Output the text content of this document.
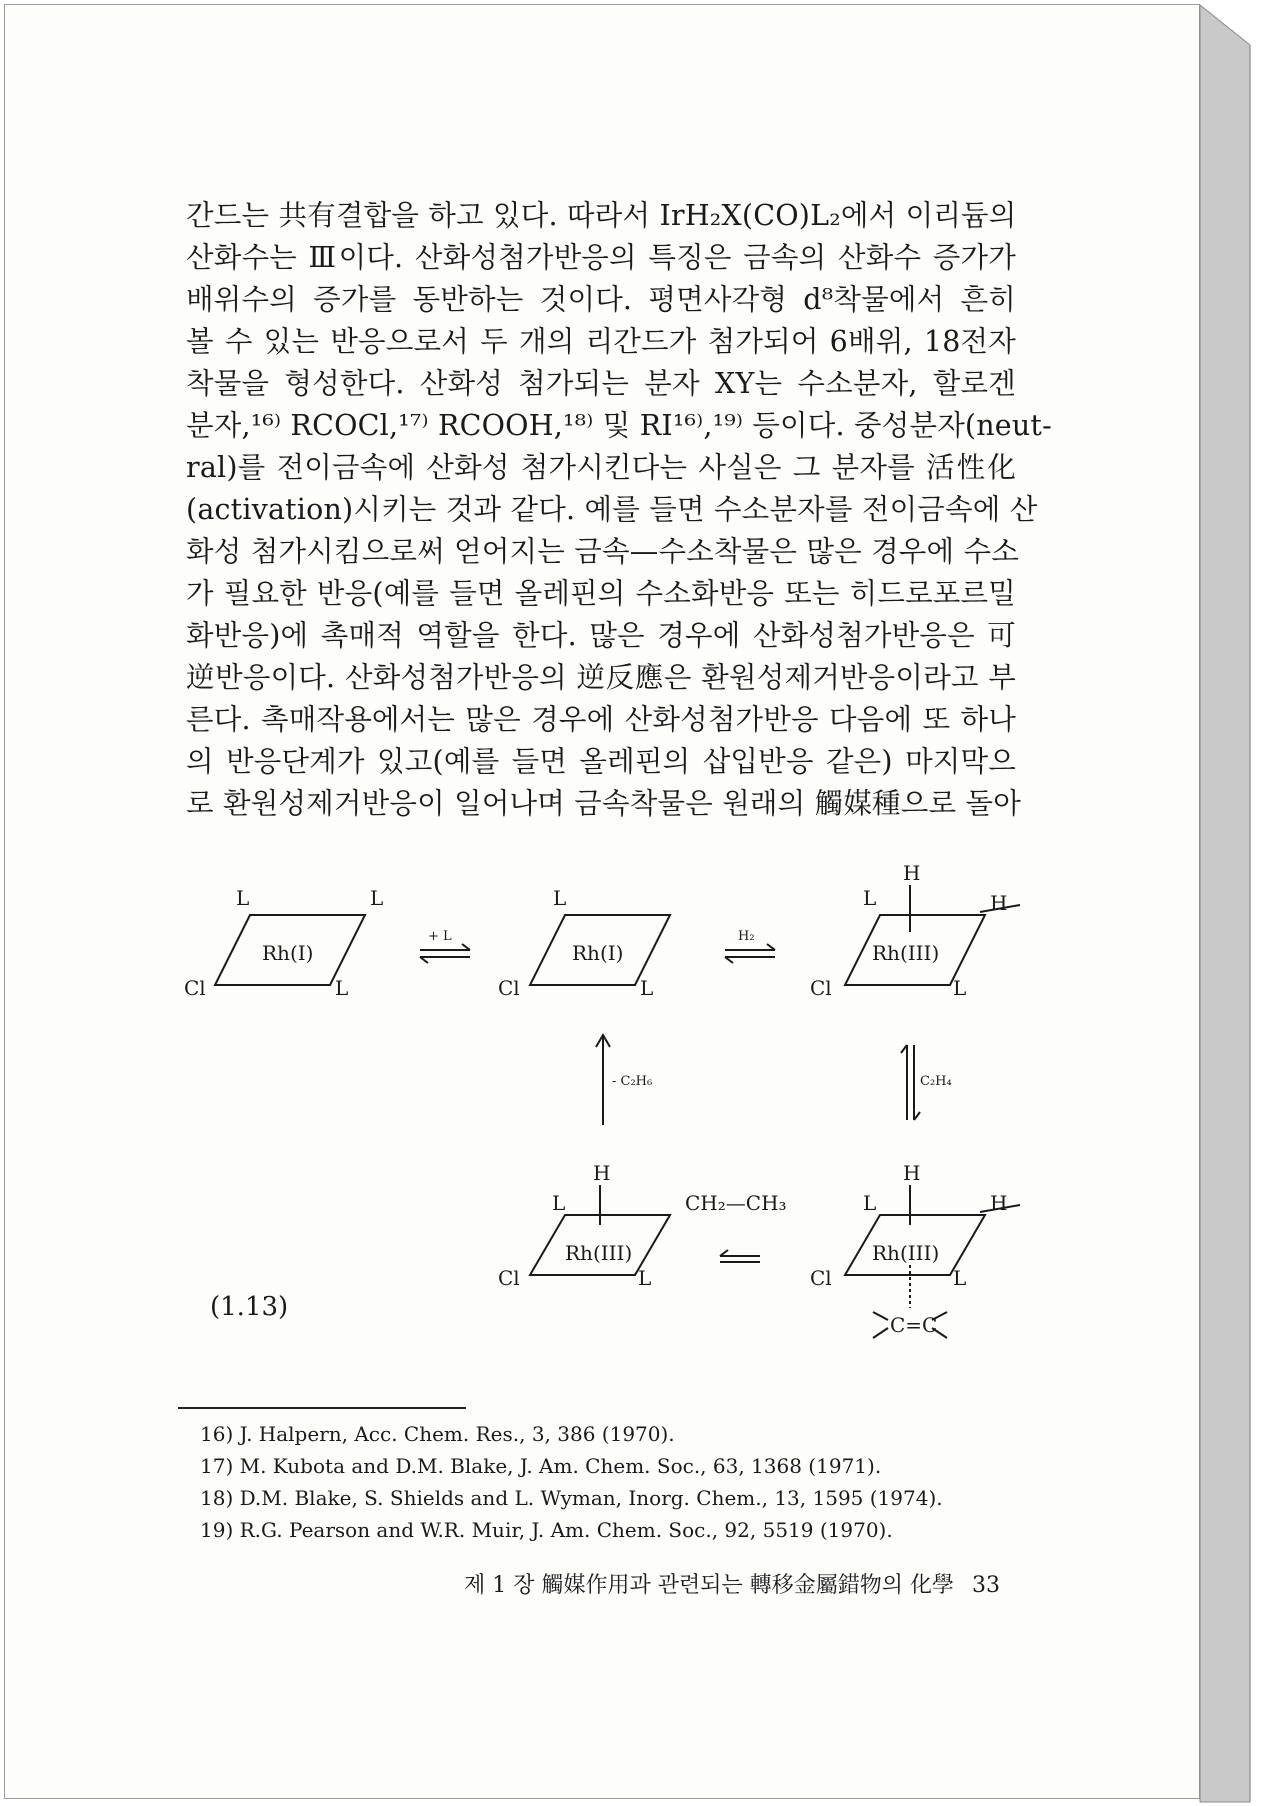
간드는 共有결합을 하고 있다. 따라서 IrH₂X(CO)L₂에서 이리듐의
산화수는 Ⅲ이다. 산화성첨가반응의 특징은 금속의 산화수 증가가
배위수의 증가를 동반하는 것이다. 평면사각형 d⁸착물에서 흔히
볼 수 있는 반응으로서 두 개의 리간드가 첨가되어 6배위, 18전자
착물을 형성한다. 산화성 첨가되는 분자 XY는 수소분자, 할로겐
분자,¹⁶⁾ RCOCl,¹⁷⁾ RCOOH,¹⁸⁾ 및 RI¹⁶⁾,¹⁹⁾ 등이다. 중성분자(neut-
ral)를 전이금속에 산화성 첨가시킨다는 사실은 그 분자를 活性化
(activation)시키는 것과 같다. 예를 들면 수소분자를 전이금속에 산
화성 첨가시킴으로써 얻어지는 금속—수소착물은 많은 경우에 수소
가 필요한 반응(예를 들면 올레핀의 수소화반응 또는 히드로포르밀
화반응)에 촉매적 역할을 한다. 많은 경우에 산화성첨가반응은 可
逆반응이다. 산화성첨가반응의 逆反應은 환원성제거반응이라고 부
른다. 촉매작용에서는 많은 경우에 산화성첨가반응 다음에 또 하나
의 반응단계가 있고(예를 들면 올레핀의 삽입반응 같은) 마지막으
로 환원성제거반응이 일어나며 금속착물은 원래의 觸媒種으로 돌아
L	L
Rh(I)
Cl	L
+ L
L
Rh(I)
Cl	L
H₂
H
L	H
Rh(III)
Cl	L
C₂H₄
- C₂H₆
H
L	CH₂—CH₃
Rh(III)
Cl	L
H
L	H
Rh(III)
Cl	L
C=C
(1.13)
16) J. Halpern, Acc. Chem. Res., 3, 386 (1970).
17) M. Kubota and D.M. Blake, J. Am. Chem. Soc., 63, 1368 (1971).
18) D.M. Blake, S. Shields and L. Wyman, Inorg. Chem., 13, 1595 (1974).
19) R.G. Pearson and W.R. Muir, J. Am. Chem. Soc., 92, 5519 (1970).
제 1 장 觸媒作用과 관련되는 轉移金屬錯物의 化學 33
